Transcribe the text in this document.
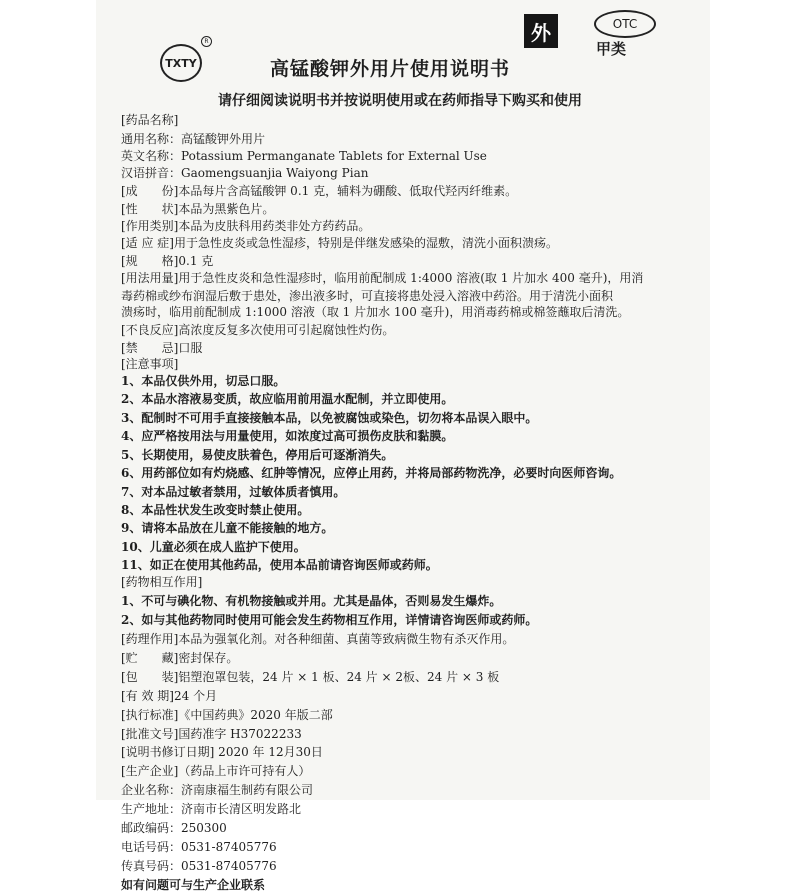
TXTY
R	外	OTC
甲类
高锰酸钾外用片使用说明书
请仔细阅读说明书并按说明使用或在药师指导下购买和使用
[药品名称]
通用名称：高锰酸钾外用片
英文名称：Potassium Permanganate Tablets for External Use
汉语拼音：Gaomengsuanjia Waiyong Pian
[成　　份]本品每片含高锰酸钾 0.1 克，辅料为硼酸、低取代羟丙纤维素。
[性　　状]本品为黑紫色片。
[作用类别]本品为皮肤科用药类非处方药药品。
[适 应 症]用于急性皮炎或急性湿疹，特别是伴继发感染的湿敷，清洗小面积溃疡。
[规　　格]0.1 克
[用法用量]用于急性皮炎和急性湿疹时，临用前配制成 1:4000 溶液(取 1 片加水 400 毫升)，用消
毒药棉或纱布润湿后敷于患处，渗出液多时，可直接将患处浸入溶液中药浴。用于清洗小面积
溃疡时，临用前配制成 1:1000 溶液（取 1 片加水 100 毫升)，用消毒药棉或棉签蘸取后清洗。
[不良反应]高浓度反复多次使用可引起腐蚀性灼伤。
[禁　　忌]口服
[注意事项]
1、本品仅供外用，切忌口服。
2、本品水溶液易变质，故应临用前用温水配制，并立即使用。
3、配制时不可用手直接接触本品，以免被腐蚀或染色，切勿将本品误入眼中。
4、应严格按用法与用量使用，如浓度过高可损伤皮肤和黏膜。
5、长期使用，易使皮肤着色，停用后可逐渐消失。
6、用药部位如有灼烧感、红肿等情况，应停止用药，并将局部药物洗净，必要时向医师咨询。
7、对本品过敏者禁用，过敏体质者慎用。
8、本品性状发生改变时禁止使用。
9、请将本品放在儿童不能接触的地方。
10、儿童必须在成人监护下使用。
11、如正在使用其他药品，使用本品前请咨询医师或药师。
[药物相互作用]
1、不可与碘化物、有机物接触或并用。尤其是晶体，否则易发生爆炸。
2、如与其他药物同时使用可能会发生药物相互作用，详情请咨询医师或药师。
[药理作用]本品为强氧化剂。对各种细菌、真菌等致病微生物有杀灭作用。
[贮　　藏]密封保存。
[包　　装]铝塑泡罩包装，24 片 × 1 板、24 片 × 2板、24 片 × 3 板
[有 效 期]24 个月
[执行标准]《中国药典》2020 年版二部
[批准文号]国药准字 H37022233
[说明书修订日期] 2020 年 12月30日
[生产企业]（药品上市许可持有人）
企业名称：济南康福生制药有限公司
生产地址：济南市长清区明发路北
邮政编码：250300
电话号码：0531-87405776
传真号码：0531-87405776
如有问题可与生产企业联系
